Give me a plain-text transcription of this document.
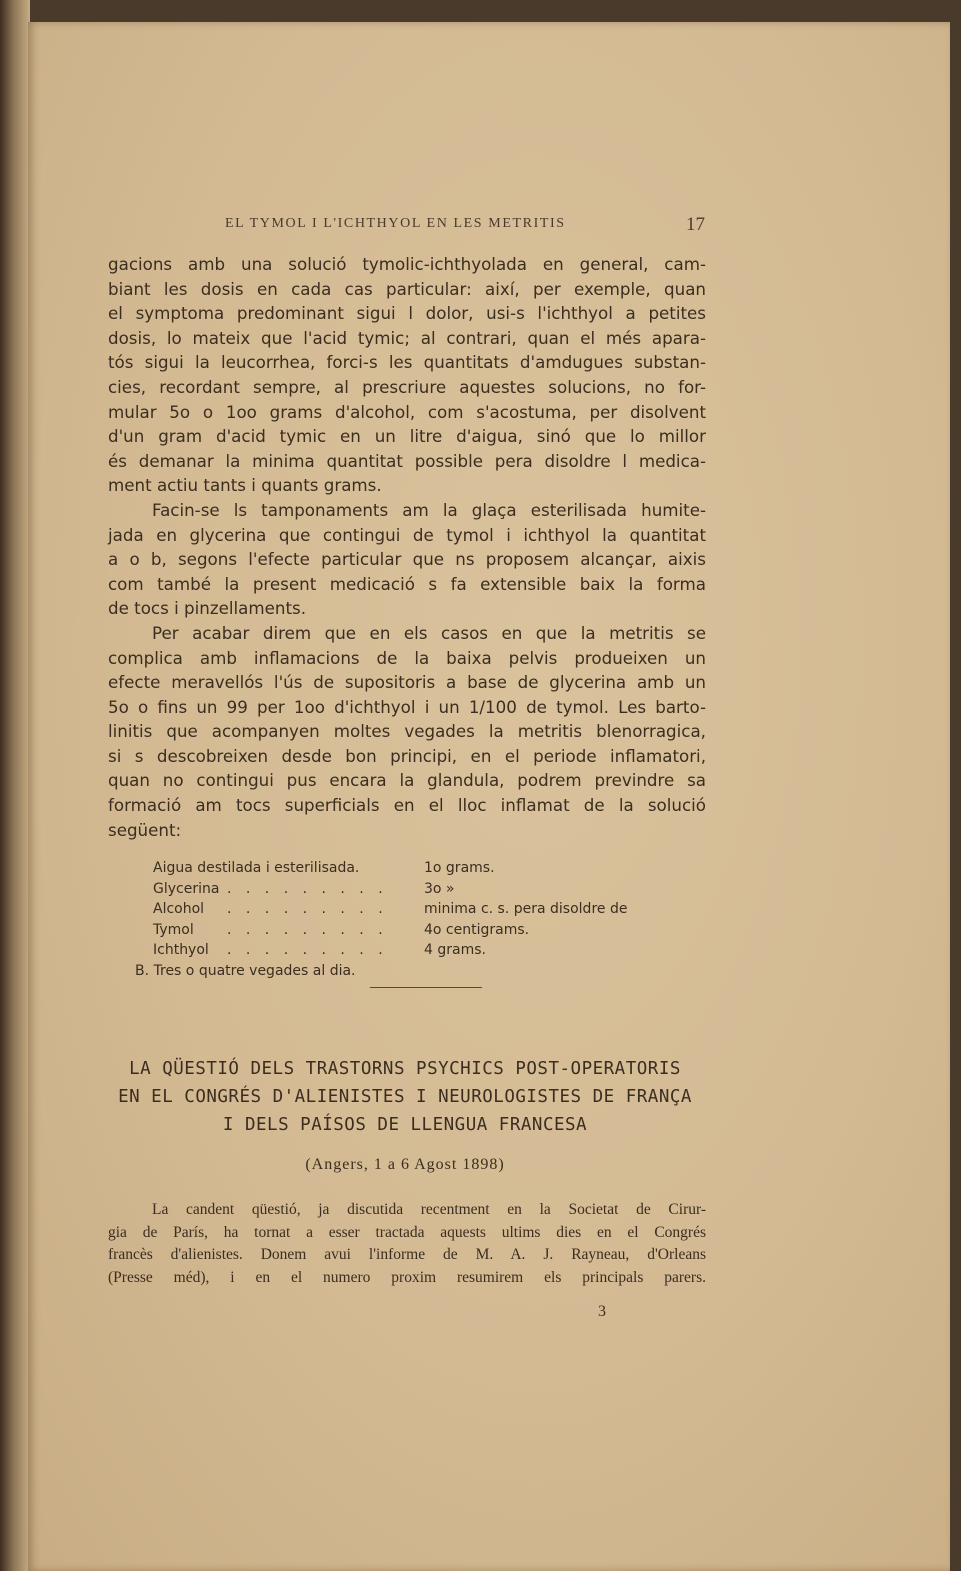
EL TYMOL I L'ICHTHYOL EN LES METRITIS	17
gacions amb una solució tymolic-ichthyolada en general, cam-
biant les dosis en cada cas particular: així, per exemple, quan
el symptoma predominant sigui l dolor, usi-s l'ichthyol a petites
dosis, lo mateix que l'acid tymic; al contrari, quan el més apara-
tós sigui la leucorrhea, forci-s les quantitats d'amdugues substan-
cies, recordant sempre, al prescriure aquestes solucions, no for-
mular 5o o 1oo grams d'alcohol, com s'acostuma, per disolvent
d'un gram d'acid tymic en un litre d'aigua, sinó que lo millor
és demanar la minima quantitat possible pera disoldre l medica-
ment actiu tants i quants grams.
Facin-se ls tamponaments am la glaça esterilisada humite-
jada en glycerina que contingui de tymol i ichthyol la quantitat
a o b, segons l'efecte particular que ns proposem alcançar, aixis
com també la present medicació s fa extensible baix la forma
de tocs i pinzellaments.
Per acabar direm que en els casos en que la metritis se
complica amb inflamacions de la baixa pelvis produeixen un
efecte meravellós l'ús de supositoris a base de glycerina amb un
5o o fins un 99 per 1oo d'ichthyol i un 1/100 de tymol. Les barto-
linitis que acompanyen moltes vegades la metritis blenorragica,
si s descobreixen desde bon principi, en el periode inflamatori,
quan no contingui pus encara la glandula, podrem previndre sa
formació am tocs superficials en el lloc inflamat de la solució
següent:
Aigua destilada i esterilisada.	1o grams.
Glycerina . . . . . . . . .	3o »
Alcohol . . . . . . . . .	minima c. s. pera disoldre de
Tymol . . . . . . . . .	4o centigrams.
Ichthyol . . . . . . . . .	4 grams.
B. Tres o quatre vegades al dia.
LA QÜESTIÓ DELS TRASTORNS PSYCHICS POST-OPERATORIS
EN EL CONGRÉS D'ALIENISTES I NEUROLOGISTES DE FRANÇA
I DELS PAÍSOS DE LLENGUA FRANCESA
(Angers, 1 a 6 Agost 1898)
La candent qüestió, ja discutida recentment en la Societat de Cirur-
gia de París, ha tornat a esser tractada aquests ultims dies en el Congrés
francès d'alienistes. Donem avui l'informe de M. A. J. Rayneau, d'Orleans
(Presse méd), i en el numero proxim resumirem els principals parers.
3
